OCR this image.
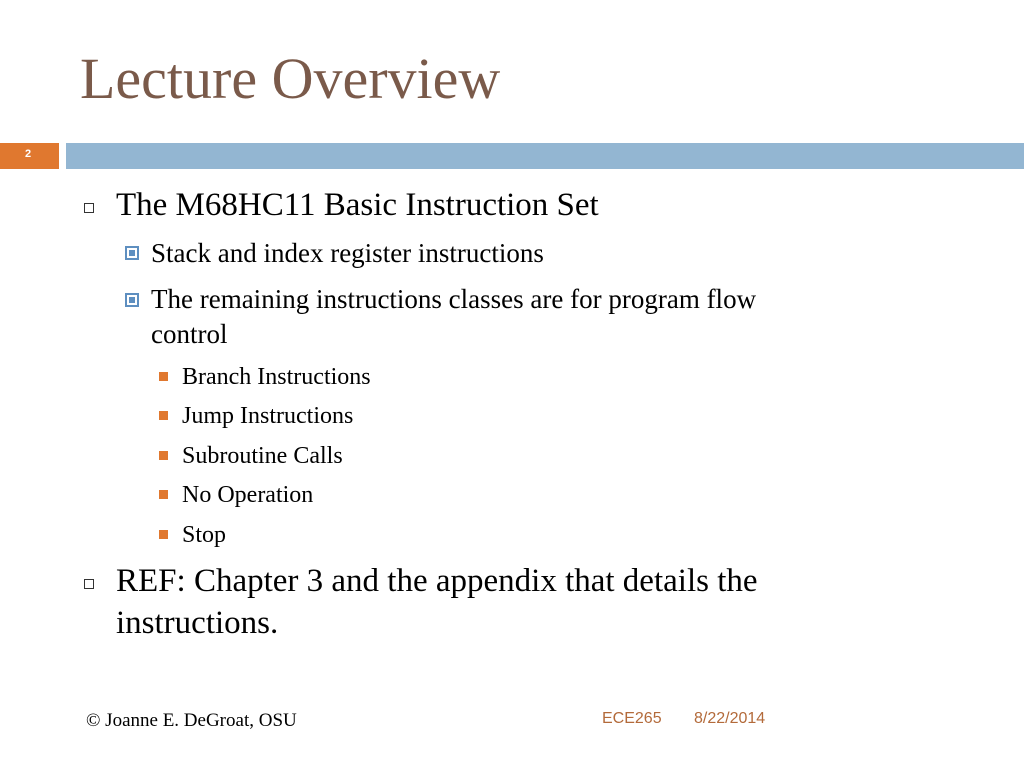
Lecture Overview
2
The M68HC11 Basic Instruction Set
Stack and index register instructions
The remaining instructions classes are for program flow
control
Branch Instructions
Jump Instructions
Subroutine Calls
No Operation
Stop
REF: Chapter 3 and the appendix that details the
instructions.
© Joanne E. DeGroat, OSU	ECE265 8/22/2014
